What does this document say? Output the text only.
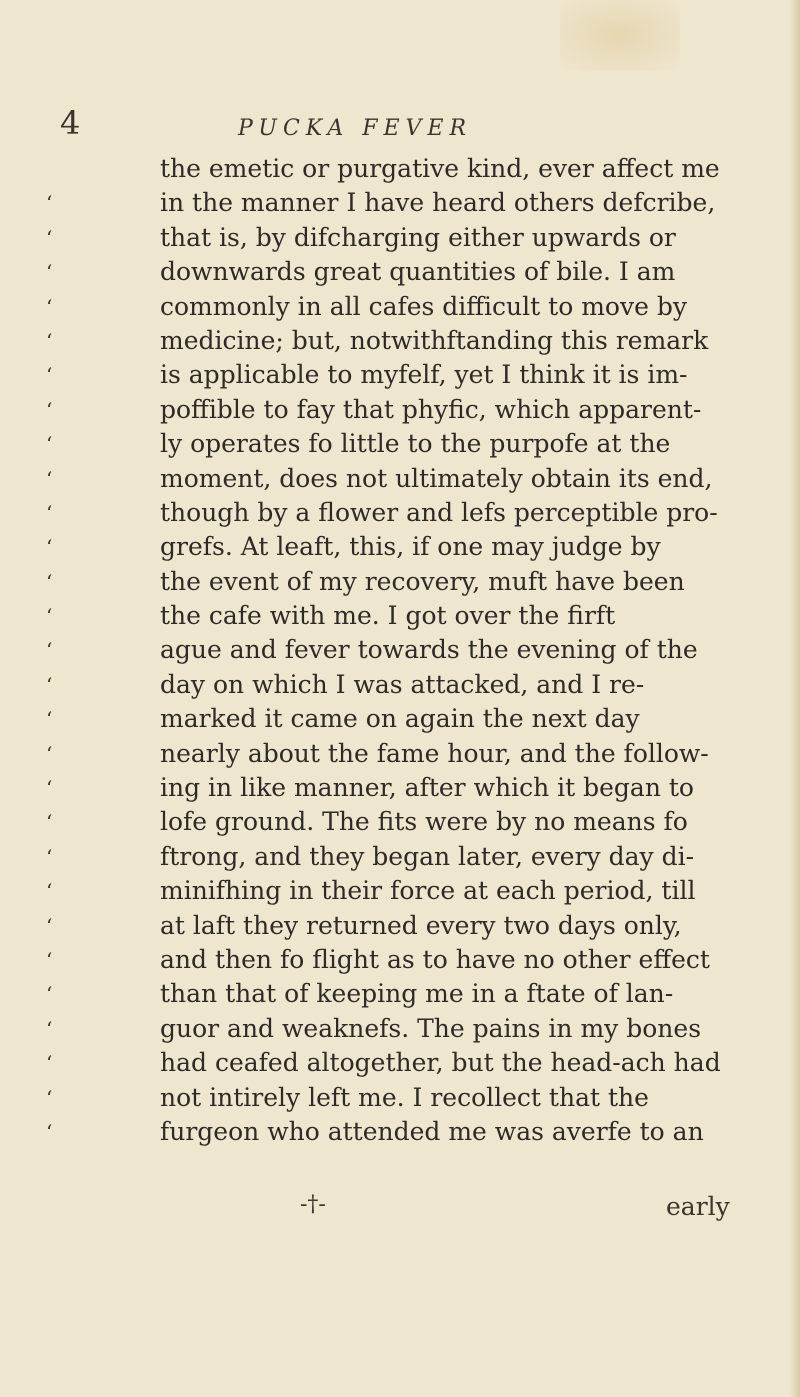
4	PUCKA FEVER
the emetic or purgative kind, ever affect me
‘	in the manner I have heard others defcribe,
‘	that is, by difcharging either upwards or
‘	downwards great quantities of bile. I am
‘	commonly in all cafes difficult to move by
‘	medicine; but, notwithftanding this remark
‘	is applicable to myfelf, yet I think it is im-
‘	poffible to fay that phyfic, which apparent-
‘	ly operates fo little to the purpofe at the
‘	moment, does not ultimately obtain its end,
‘	though by a flower and lefs perceptible pro-
‘	grefs. At leaft, this, if one may judge by
‘	the event of my recovery, muft have been
‘	the cafe with me. I got over the firft
‘	ague and fever towards the evening of the
‘	day on which I was attacked, and I re-
‘	marked it came on again the next day
‘	nearly about the fame hour, and the follow-
‘	ing in like manner, after which it began to
‘	lofe ground. The fits were by no means fo
‘	ftrong, and they began later, every day di-
‘	minifhing in their force at each period, till
‘	at laft they returned every two days only,
‘	and then fo flight as to have no other effect
‘	than that of keeping me in a ftate of lan-
‘	guor and weaknefs. The pains in my bones
‘	had ceafed altogether, but the head-ach had
‘	not intirely left me. I recollect that the
‘	furgeon who attended me was averfe to an
-†-	early
